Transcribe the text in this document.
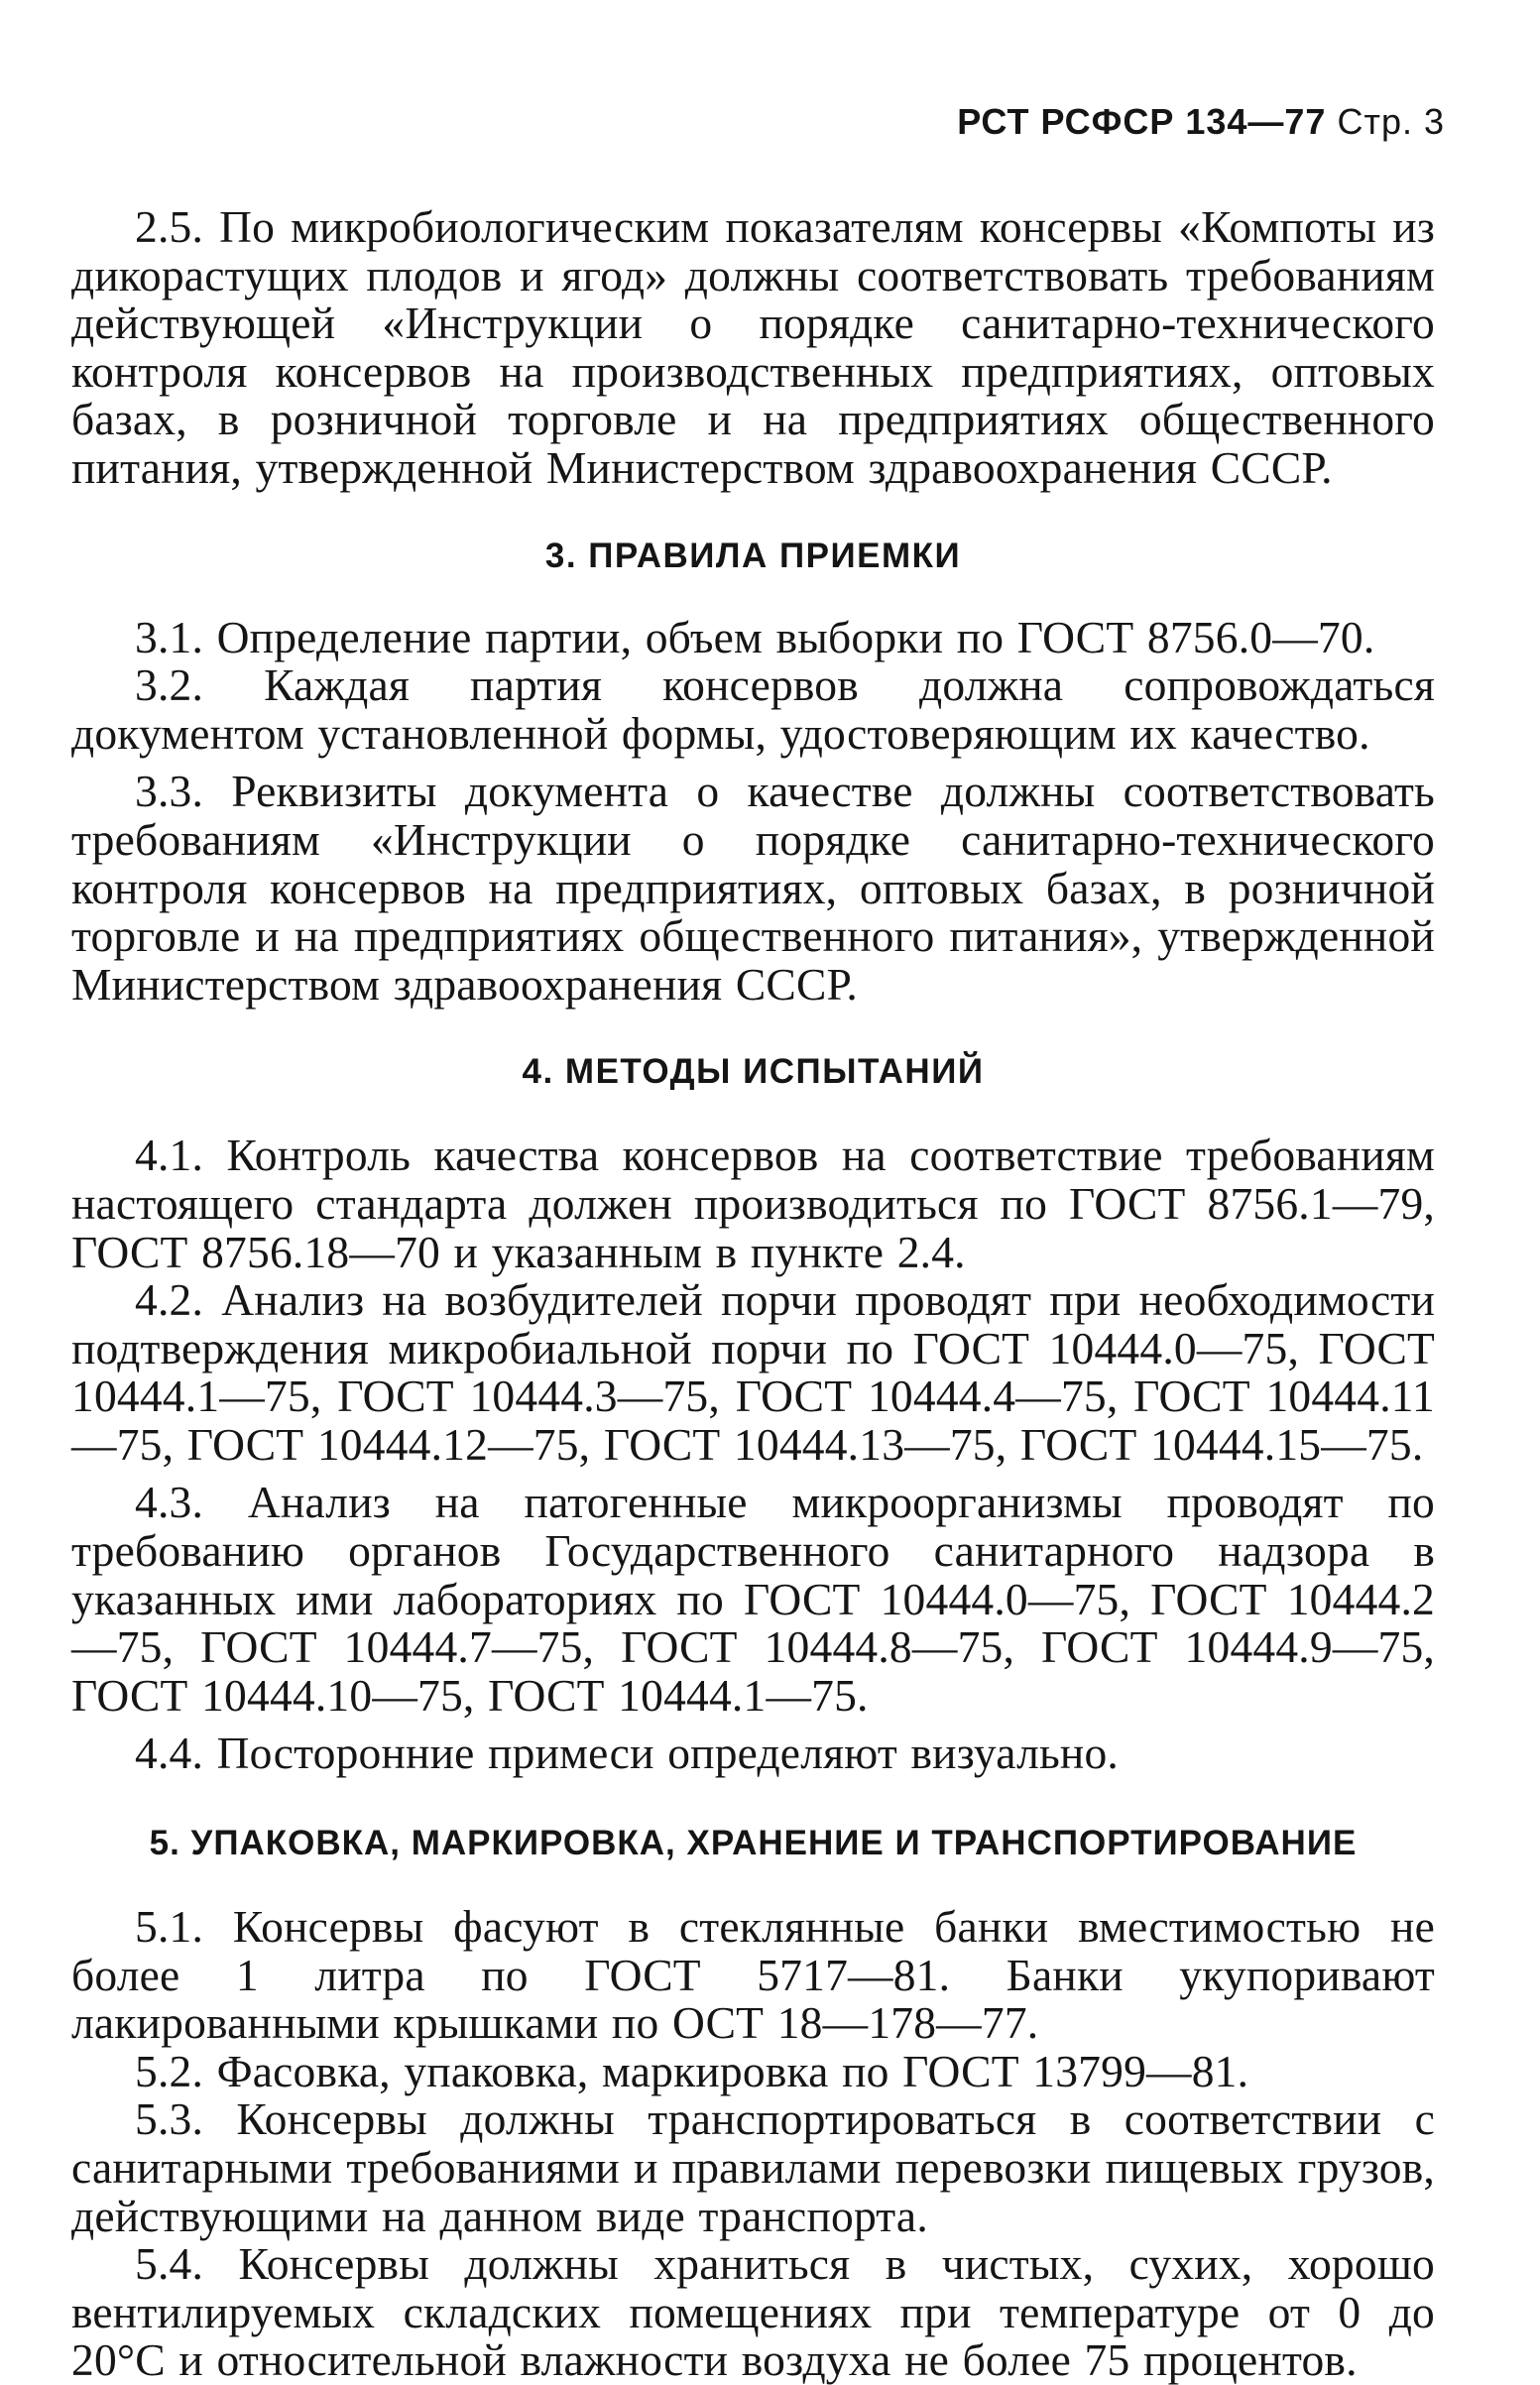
РСТ РСФСР 134—77 Стр. 3

2.5. По микробиологическим показателям консервы «Компоты из дикорастущих плодов и ягод» должны соответствовать требованиям действующей «Инструкции о порядке санитарно-технического контроля консервов на производственных предприятиях, оптовых базах, в розничной торговле и на предприятиях общественного питания, утвержденной Министерством здравоохранения СССР.

3. ПРАВИЛА ПРИЕМКИ

3.1. Определение партии, объем выборки по ГОСТ 8756.0—70.

3.2. Каждая партия консервов должна сопровождаться документом установленной формы, удостоверяющим их качество.

3.3. Реквизиты документа о качестве должны соответствовать требованиям «Инструкции о порядке санитарно-технического контроля консервов на предприятиях, оптовых базах, в розничной торговле и на предприятиях общественного питания», утвержденной Министерством здравоохранения СССР.

4. МЕТОДЫ ИСПЫТАНИЙ

4.1. Контроль качества консервов на соответствие требованиям настоящего стандарта должен производиться по ГОСТ 8756.1—79, ГОСТ 8756.18—70 и указанным в пункте 2.4.

4.2. Анализ на возбудителей порчи проводят при необходимости подтверждения микробиальной порчи по ГОСТ 10444.0—75, ГОСТ 10444.1—75, ГОСТ 10444.3—75, ГОСТ 10444.4—75, ГОСТ 10444.11—75, ГОСТ 10444.12—75, ГОСТ 10444.13—75, ГОСТ 10444.15—75.

4.3. Анализ на патогенные микроорганизмы проводят по требованию органов Государственного санитарного надзора в указанных ими лабораториях по ГОСТ 10444.0—75, ГОСТ 10444.2—75, ГОСТ 10444.7—75, ГОСТ 10444.8—75, ГОСТ 10444.9—75, ГОСТ 10444.10—75, ГОСТ 10444.1—75.

4.4. Посторонние примеси определяют визуально.

5. УПАКОВКА, МАРКИРОВКА, ХРАНЕНИЕ И ТРАНСПОРТИРОВАНИЕ

5.1. Консервы фасуют в стеклянные банки вместимостью не более 1 литра по ГОСТ 5717—81. Банки укупоривают лакированными крышками по ОСТ 18—178—77.

5.2. Фасовка, упаковка, маркировка по ГОСТ 13799—81.

5.3. Консервы должны транспортироваться в соответствии с санитарными требованиями и правилами перевозки пищевых грузов, действующими на данном виде транспорта.

5.4. Консервы должны храниться в чистых, сухих, хорошо вентилируемых складских помещениях при температуре от 0 до 20°С и относительной влажности воздуха не более 75 процентов.
